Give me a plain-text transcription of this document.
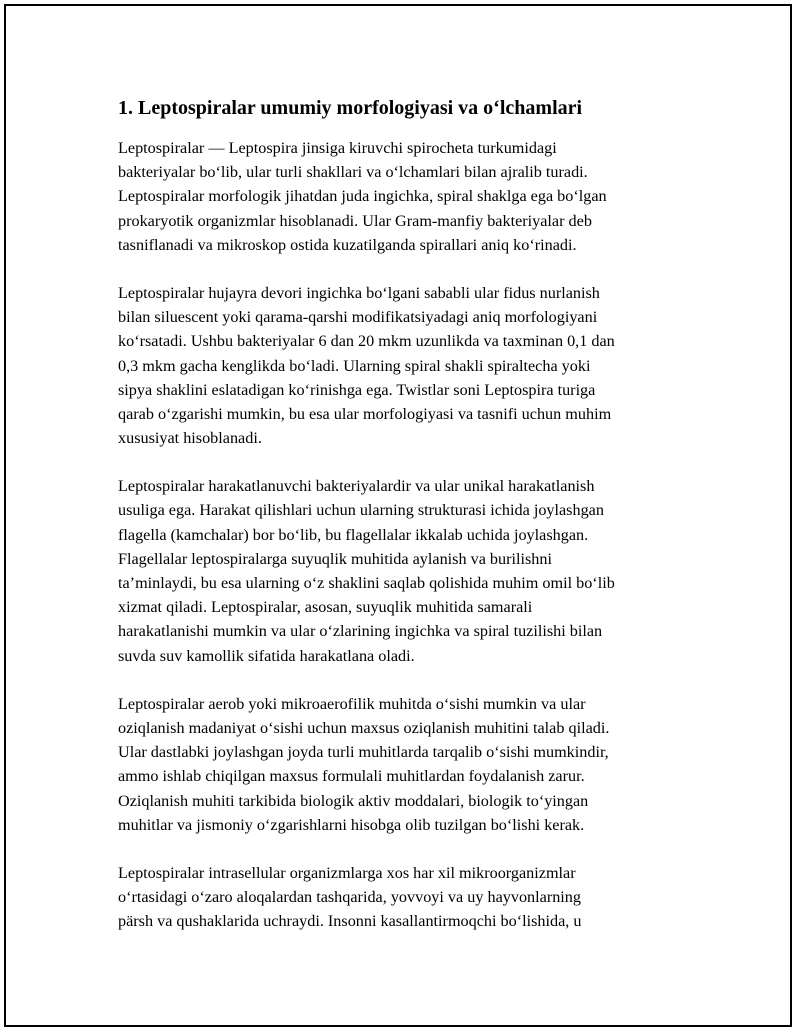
1. Leptospiralar umumiy morfologiyasi va oʻlchamlari
Leptospiralar — Leptospira jinsiga kiruvchi spirocheta turkumidagi
bakteriyalar boʻlib, ular turli shakllari va oʻlchamlari bilan ajralib turadi.
Leptospiralar morfologik jihatdan juda ingichka, spiral shaklga ega boʻlgan
prokaryotik organizmlar hisoblanadi. Ular Gram-manfiy bakteriyalar deb
tasniflanadi va mikroskop ostida kuzatilganda spirallari aniq koʻrinadi.
Leptospiralar hujayra devori ingichka boʻlgani sababli ular fidus nurlanish
bilan siluescent yoki qarama-qarshi modifikatsiyadagi aniq morfologiyani
koʻrsatadi. Ushbu bakteriyalar 6 dan 20 mkm uzunlikda va taxminan 0,1 dan
0,3 mkm gacha kenglikda boʻladi. Ularning spiral shakli spiraltecha yoki
sipya shaklini eslatadigan koʻrinishga ega. Twistlar soni Leptospira turiga
qarab oʻzgarishi mumkin, bu esa ular morfologiyasi va tasnifi uchun muhim
xususiyat hisoblanadi.
Leptospiralar harakatlanuvchi bakteriyalardir va ular unikal harakatlanish
usuliga ega. Harakat qilishlari uchun ularning strukturasi ichida joylashgan
flagella (kamchalar) bor boʻlib, bu flagellalar ikkalab uchida joylashgan.
Flagellalar leptospiralarga suyuqlik muhitida aylanish va burilishni
ta’minlaydi, bu esa ularning oʻz shaklini saqlab qolishida muhim omil boʻlib
xizmat qiladi. Leptospiralar, asosan, suyuqlik muhitida samarali
harakatlanishi mumkin va ular oʻzlarining ingichka va spiral tuzilishi bilan
suvda suv kamollik sifatida harakatlana oladi.
Leptospiralar aerob yoki mikroaerofilik muhitda oʻsishi mumkin va ular
oziqlanish madaniyat oʻsishi uchun maxsus oziqlanish muhitini talab qiladi.
Ular dastlabki joylashgan joyda turli muhitlarda tarqalib oʻsishi mumkindir,
ammo ishlab chiqilgan maxsus formulali muhitlardan foydalanish zarur.
Oziqlanish muhiti tarkibida biologik aktiv moddalari, biologik toʻyingan
muhitlar va jismoniy oʻzgarishlarni hisobga olib tuzilgan boʻlishi kerak.
Leptospiralar intrasellular organizmlarga xos har xil mikroorganizmlar
oʻrtasidagi oʻzaro aloqalardan tashqarida, yovvoyi va uy hayvonlarning
pärsh va qushaklarida uchraydi. Insonni kasallantirmoqchi boʻlishida, u
